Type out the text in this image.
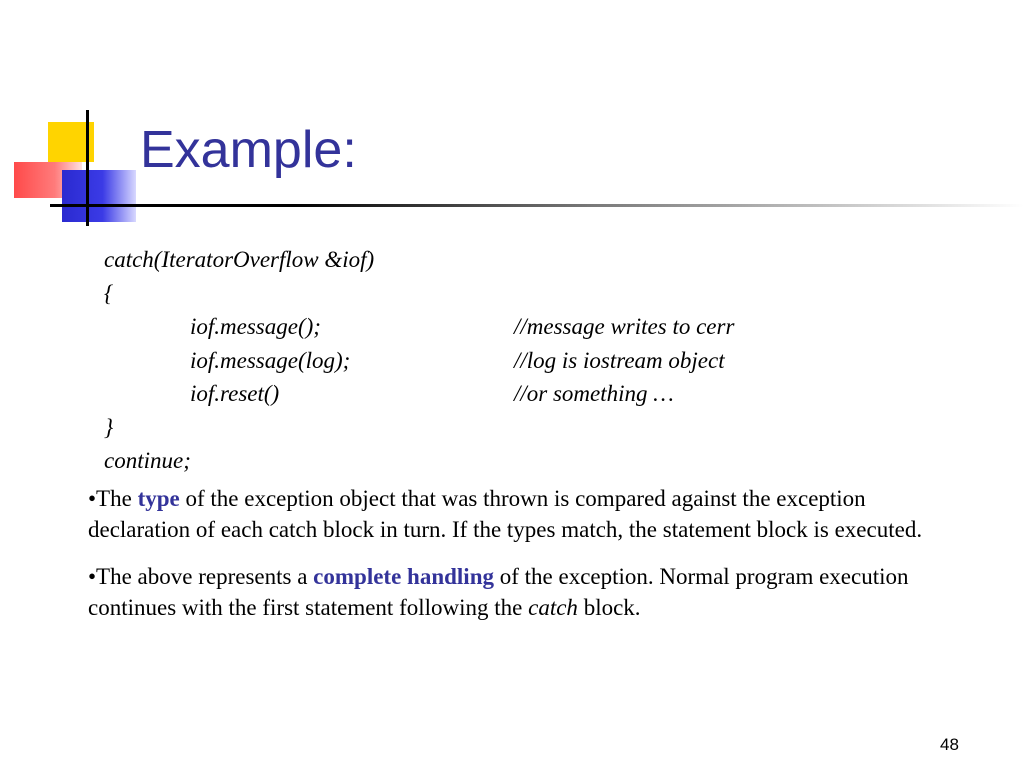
Example:
catch(IteratorOverflow &iof)
{
iof.message();	//message writes to cerr
iof.message(log);	//log is iostream object
iof.reset()	//or something …
}
continue;
•The type of the exception object that was thrown is compared against the exception declaration of each catch block in turn. If the types match, the statement block is executed.
•The above represents a complete handling of the exception. Normal program execution continues with the first statement following the catch block.
48
